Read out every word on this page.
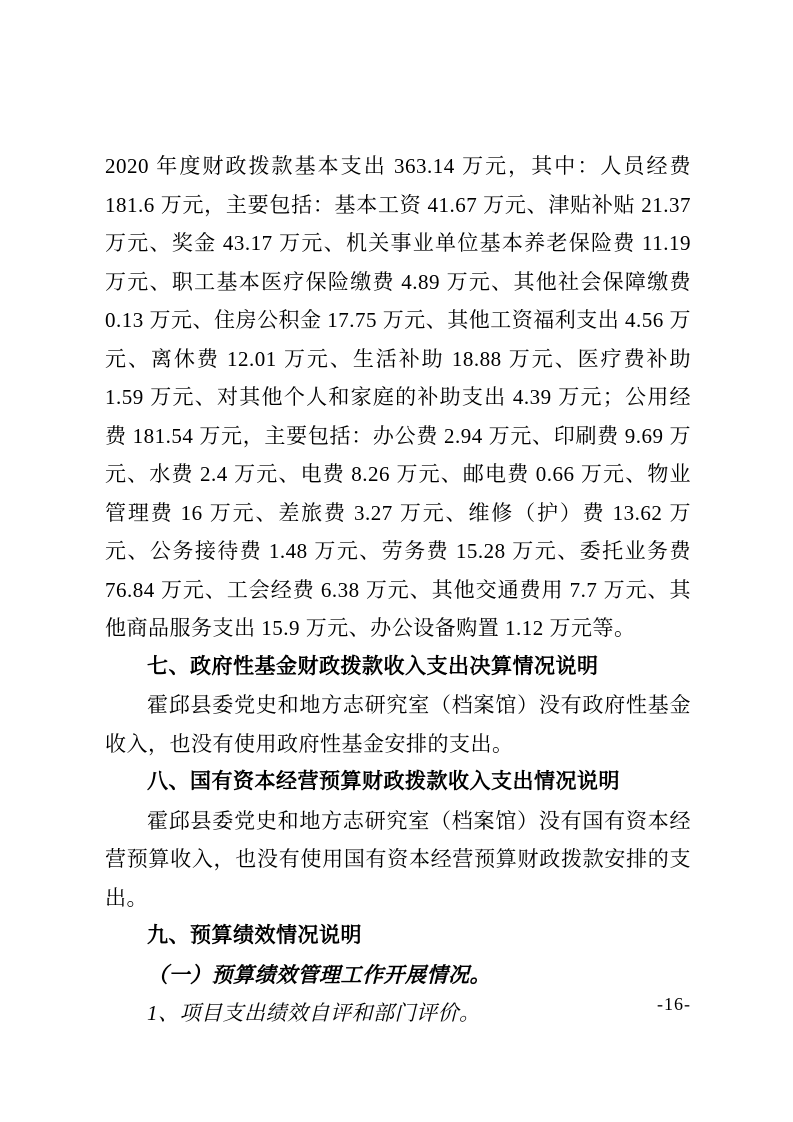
2020 年度财政拨款基本支出 363.14 万元，其中：人员经费 181.6 万元，主要包括：基本工资 41.67 万元、津贴补贴 21.37 万元、奖金 43.17 万元、机关事业单位基本养老保险费 11.19 万元、职工基本医疗保险缴费 4.89 万元、其他社会保障缴费 0.13 万元、住房公积金 17.75 万元、其他工资福利支出 4.56 万元、离休费 12.01 万元、生活补助 18.88 万元、医疗费补助 1.59 万元、对其他个人和家庭的补助支出 4.39 万元；公用经费 181.54 万元，主要包括：办公费 2.94 万元、印刷费 9.69 万元、水费 2.4 万元、电费 8.26 万元、邮电费 0.66 万元、物业管理费 16 万元、差旅费 3.27 万元、维修（护）费 13.62 万元、公务接待费 1.48 万元、劳务费 15.28 万元、委托业务费 76.84 万元、工会经费 6.38 万元、其他交通费用 7.7 万元、其他商品服务支出 15.9 万元、办公设备购置 1.12 万元等。

七、政府性基金财政拨款收入支出决算情况说明

霍邱县委党史和地方志研究室（档案馆）没有政府性基金收入，也没有使用政府性基金安排的支出。

八、国有资本经营预算财政拨款收入支出情况说明

霍邱县委党史和地方志研究室（档案馆）没有国有资本经营预算收入，也没有使用国有资本经营预算财政拨款安排的支出。

九、预算绩效情况说明

（一）预算绩效管理工作开展情况。

1、项目支出绩效自评和部门评价。	-16-
